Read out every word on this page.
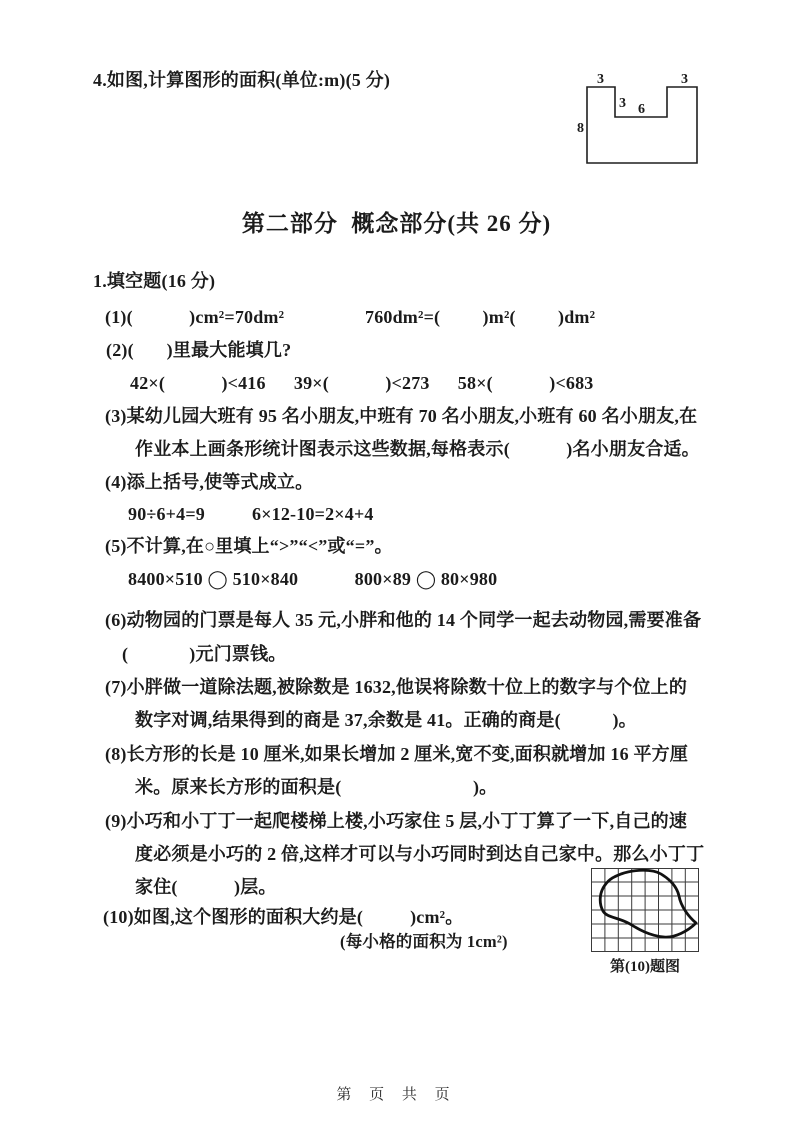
4.如图,计算图形的面积(单位:m)(5 分)	3	3
3 6
8
第二部分  概念部分(共 26 分)
1.填空题(16 分)
(1)(            )cm²=70dm²	760dm²=(         )m²(         )dm²
(2)(       )里最大能填几?
42×(            )<416      39×(            )<273      58×(            )<683
(3)某幼儿园大班有 95 名小朋友,中班有 70 名小朋友,小班有 60 名小朋友,在
作业本上画条形统计图表示这些数据,每格表示(            )名小朋友合适。
(4)添上括号,使等式成立。
90÷6+4=9          6×12-10=2×4+4
(5)不计算,在○里填上“>”“<”或“=”。
8400×510 ◯ 510×840            800×89 ◯ 80×980
(6)动物园的门票是每人 35 元,小胖和他的 14 个同学一起去动物园,需要准备
(             )元门票钱。
(7)小胖做一道除法题,被除数是 1632,他误将除数十位上的数字与个位上的
数字对调,结果得到的商是 37,余数是 41。正确的商是(           )。
(8)长方形的长是 10 厘米,如果长增加 2 厘米,宽不变,面积就增加 16 平方厘
米。原来长方形的面积是(                            )。
(9)小巧和小丁丁一起爬楼梯上楼,小巧家住 5 层,小丁丁算了一下,自己的速
度必须是小巧的 2 倍,这样才可以与小巧同时到达自己家中。那么小丁丁
家住(            )层。
(10)如图,这个图形的面积大约是(          )cm²。
(每小格的面积为 1cm²)
第(10)题图
第 页 共 页
